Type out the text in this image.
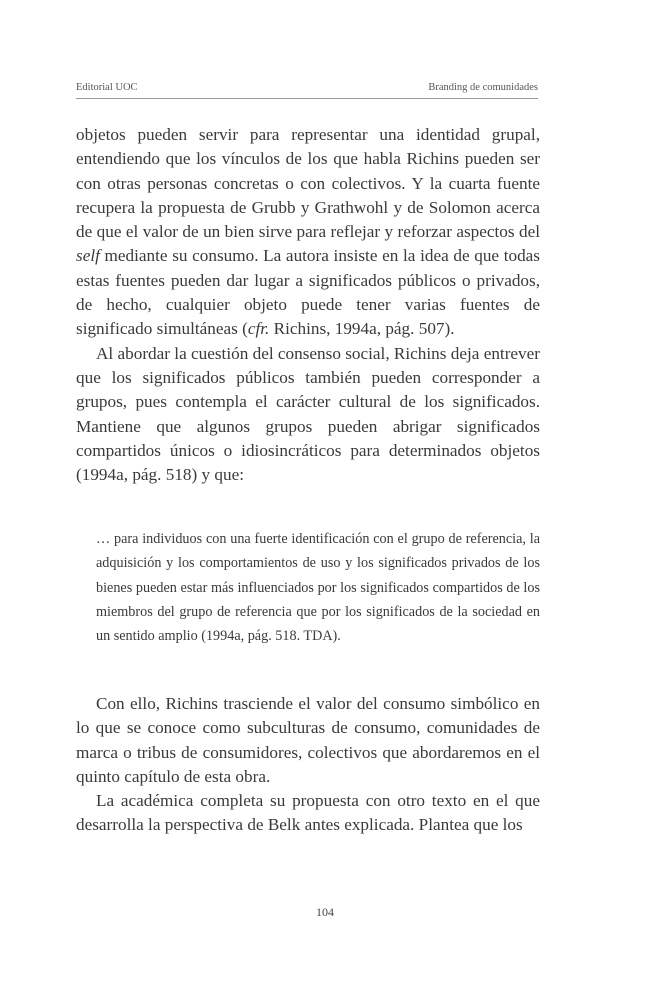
Editorial UOC	Branding de comunidades

objetos pueden servir para representar una identidad grupal, entendiendo que los vínculos de los que habla Richins pueden ser con otras personas concretas o con colectivos. Y la cuarta fuente recupera la propuesta de Grubb y Grathwohl y de Solomon acerca de que el valor de un bien sirve para reflejar y reforzar aspectos del self mediante su consumo. La autora insiste en la idea de que todas estas fuentes pueden dar lugar a significados públicos o privados, de hecho, cualquier objeto puede tener varias fuentes de significado simultáneas (cfr. Richins, 1994a, pág. 507).

Al abordar la cuestión del consenso social, Richins deja entrever que los significados públicos también pueden corresponder a grupos, pues contempla el carácter cultural de los significados. Mantiene que algunos grupos pueden abrigar significados compartidos únicos o idiosincráticos para determinados objetos (1994a, pág. 518) y que:

… para individuos con una fuerte identificación con el grupo de referencia, la adquisición y los comportamientos de uso y los significados privados de los bienes pueden estar más influenciados por los significados compartidos de los miembros del grupo de referencia que por los significados de la sociedad en un sentido amplio (1994a, pág. 518. TDA).

Con ello, Richins trasciende el valor del consumo simbólico en lo que se conoce como subculturas de consumo, comunidades de marca o tribus de consumidores, colectivos que abordaremos en el quinto capítulo de esta obra.

La académica completa su propuesta con otro texto en el que desarrolla la perspectiva de Belk antes explicada. Plantea que los

104
